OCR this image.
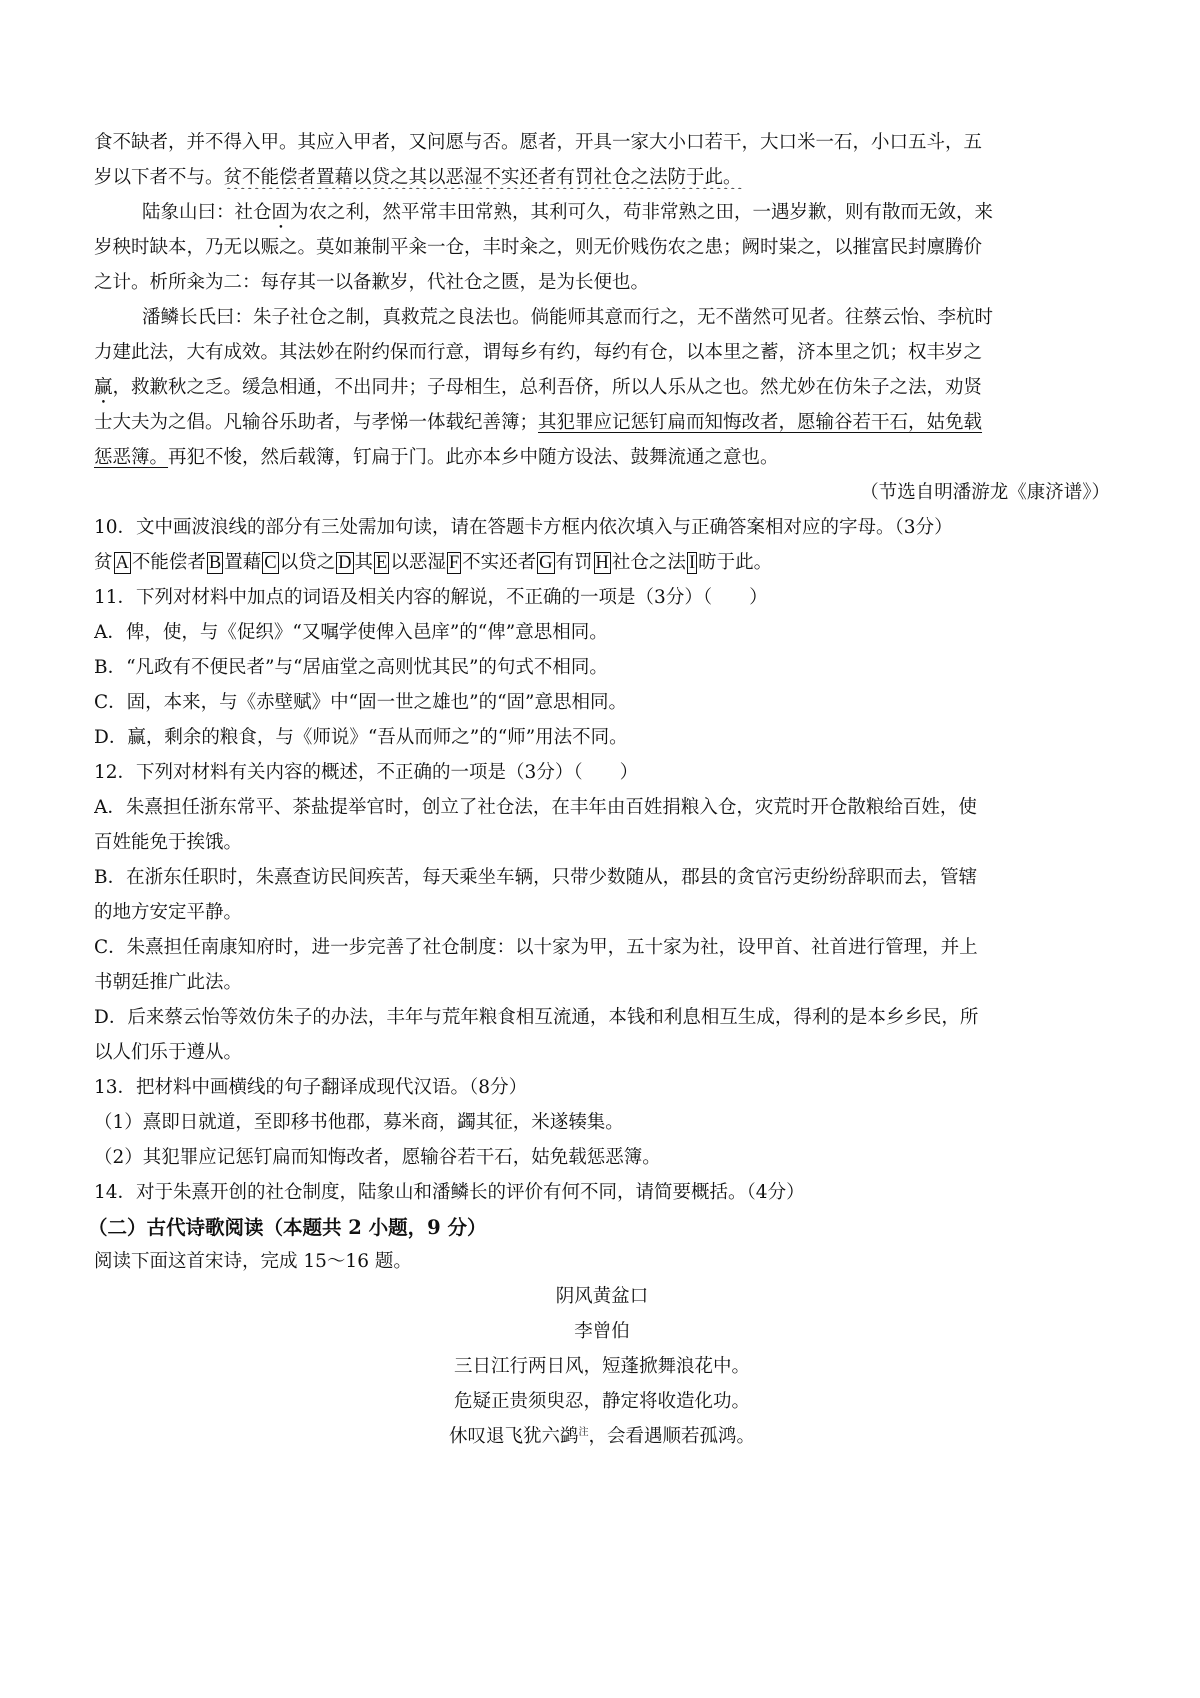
食不缺者，并不得入甲。其应入甲者，又问愿与否。愿者，开具一家大小口若干，大口米一石，小口五斗，五

岁以下者不与。贫不能偿者置藉以贷之其以恶湿不实还者有罚社仓之法防于此。

陆象山曰：社仓固为农之利，然平常丰田常熟，其利可久，苟非常熟之田，一遇岁歉，则有散而无敛，来

岁秧时缺本，乃无以赈之。莫如兼制平籴一仓，丰时籴之，则无价贱伤农之患；阙时粜之，以摧富民封廪腾价

之计。析所籴为二：每存其一以备歉岁，代社仓之匮，是为长便也。

潘鳞长氏曰：朱子社仓之制，真救荒之良法也。倘能师其意而行之，无不凿然可见者。往蔡云怡、李杭时

力建此法，大有成效。其法妙在附约保而行意，谓每乡有约，每约有仓，以本里之蓄，济本里之饥；权丰岁之

赢，救歉秋之乏。缓急相通，不出同井；子母相生，总利吾侪，所以人乐从之也。然尤妙在仿朱子之法，劝贤

士大夫为之倡。凡输谷乐助者，与孝悌一体载纪善簿；其犯罪应记惩钉扁而知悔改者，愿输谷若干石，姑免载

惩恶簿。再犯不悛，然后载簿，钉扁于门。此亦本乡中随方设法、鼓舞流通之意也。

（节选自明潘游龙《康济谱》）

10．文中画波浪线的部分有三处需加句读，请在答题卡方框内依次填入与正确答案相对应的字母。（3分）

贫 A 不能偿者 B 置藉 C 以贷之 D 其 E 以恶湿 F 不实还者 G 有罚 H 社仓之法 I 昉于此。

11．下列对材料中加点的词语及相关内容的解说，不正确的一项是（3分）（　　）

A．俾，使，与《促织》“又嘱学使俾入邑庠”的“俾”意思相同。

B．“凡政有不便民者”与“居庙堂之高则忧其民”的句式不相同。

C．固，本来，与《赤壁赋》中“固一世之雄也”的“固”意思相同。

D．赢，剩余的粮食，与《师说》“吾从而师之”的“师”用法不同。

12．下列对材料有关内容的概述，不正确的一项是（3分）（　　）

A．朱熹担任浙东常平、茶盐提举官时，创立了社仓法，在丰年由百姓捐粮入仓，灾荒时开仓散粮给百姓，使

百姓能免于挨饿。

B．在浙东任职时，朱熹查访民间疾苦，每天乘坐车辆，只带少数随从，郡县的贪官污吏纷纷辞职而去，管辖

的地方安定平静。

C．朱熹担任南康知府时，进一步完善了社仓制度：以十家为甲，五十家为社，设甲首、社首进行管理，并上

书朝廷推广此法。

D．后来蔡云怡等效仿朱子的办法，丰年与荒年粮食相互流通，本钱和利息相互生成，得利的是本乡乡民，所

以人们乐于遵从。

13．把材料中画横线的句子翻译成现代汉语。（8分）

（1）熹即日就道，至即移书他郡，募米商，蠲其征，米遂辏集。

（2）其犯罪应记惩钉扁而知悔改者，愿输谷若干石，姑免载惩恶簿。

14．对于朱熹开创的社仓制度，陆象山和潘鳞长的评价有何不同，请简要概括。（4分）

（二）古代诗歌阅读（本题共 2 小题，9 分）

阅读下面这首宋诗，完成 15～16 题。

阴风黄盆口

李曾伯

三日江行两日风，短蓬掀舞浪花中。

危疑正贵须臾忍，静定将收造化功。

休叹退飞犹六鹢$^注$，会看遇顺若孤鸿。
